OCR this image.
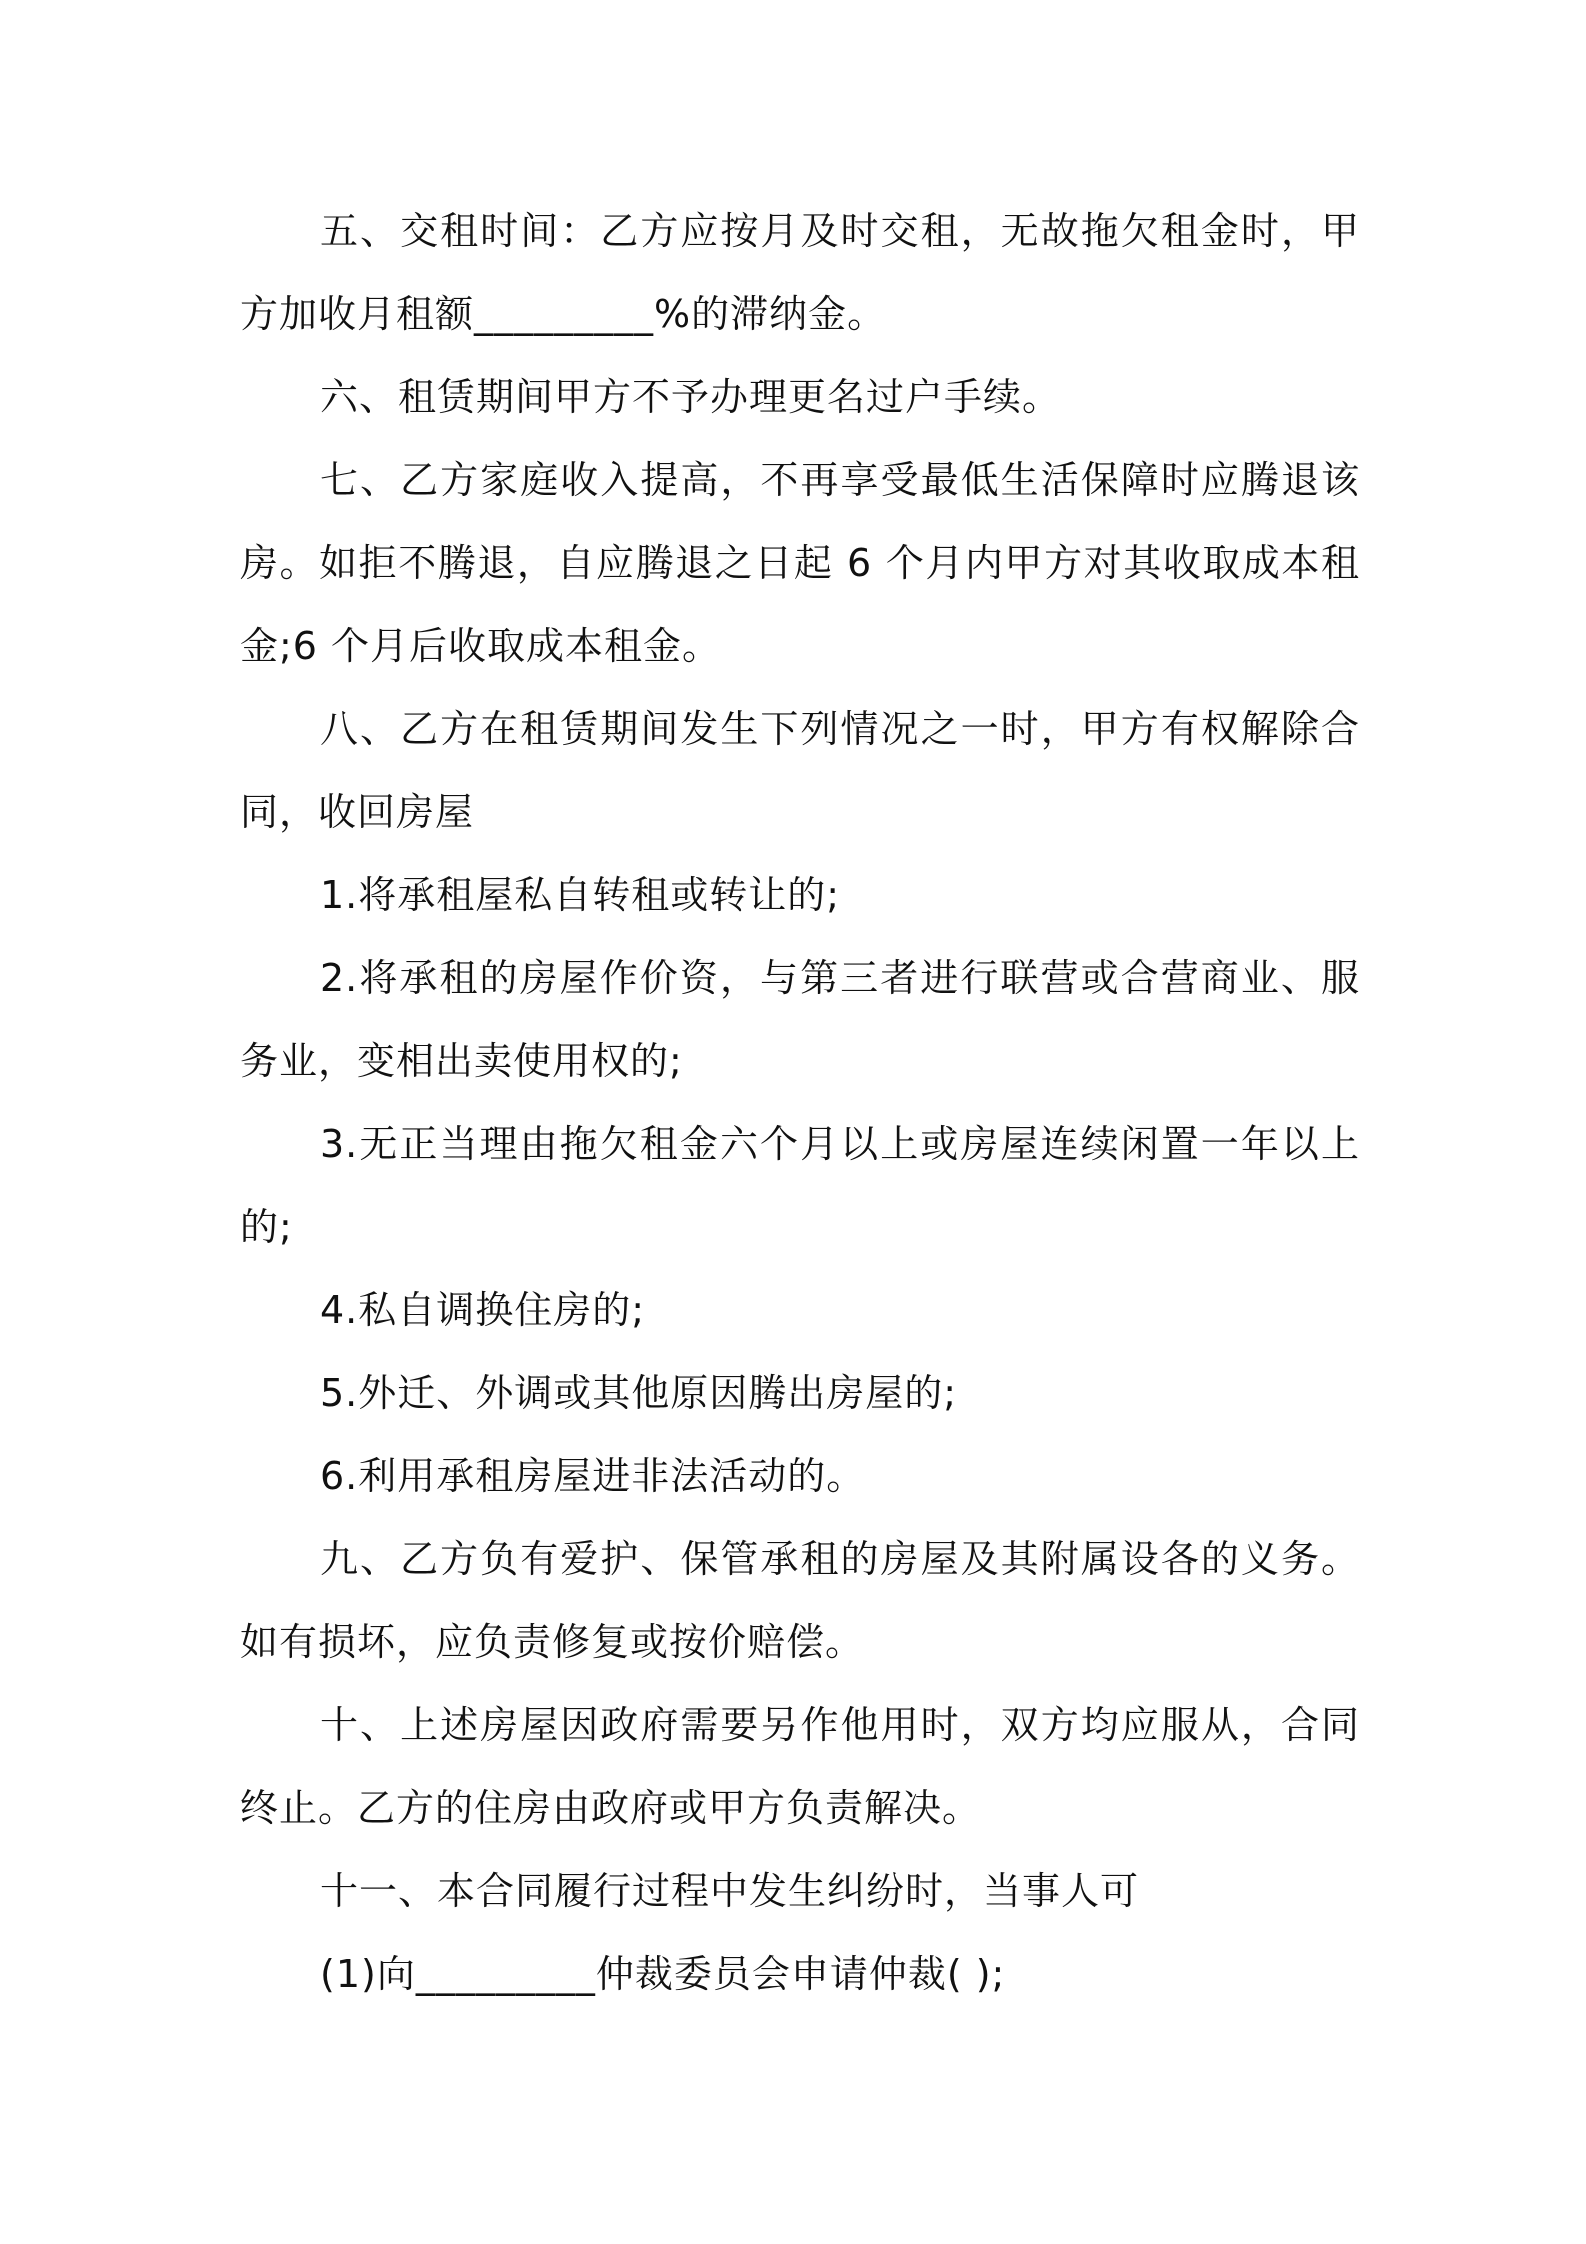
五、交租时间：乙方应按月及时交租，无故拖欠租金时，甲方加收月租额_________%的滞纳金。

六、租赁期间甲方不予办理更名过户手续。

七、乙方家庭收入提高，不再享受最低生活保障时应腾退该房。如拒不腾退，自应腾退之日起 6 个月内甲方对其收取成本租金;6 个月后收取成本租金。

八、乙方在租赁期间发生下列情况之一时，甲方有权解除合同，收回房屋

1.将承租屋私自转租或转让的;

2.将承租的房屋作价资，与第三者进行联营或合营商业、服务业，变相出卖使用权的;

3.无正当理由拖欠租金六个月以上或房屋连续闲置一年以上的;

4.私自调换住房的;

5.外迁、外调或其他原因腾出房屋的;

6.利用承租房屋进非法活动的。

九、乙方负有爱护、保管承租的房屋及其附属设各的义务。如有损坏，应负责修复或按价赔偿。

十、上述房屋因政府需要另作他用时，双方均应服从，合同终止。乙方的住房由政府或甲方负责解决。

十一、本合同履行过程中发生纠纷时，当事人可

(1)向_________仲裁委员会申请仲裁( );
